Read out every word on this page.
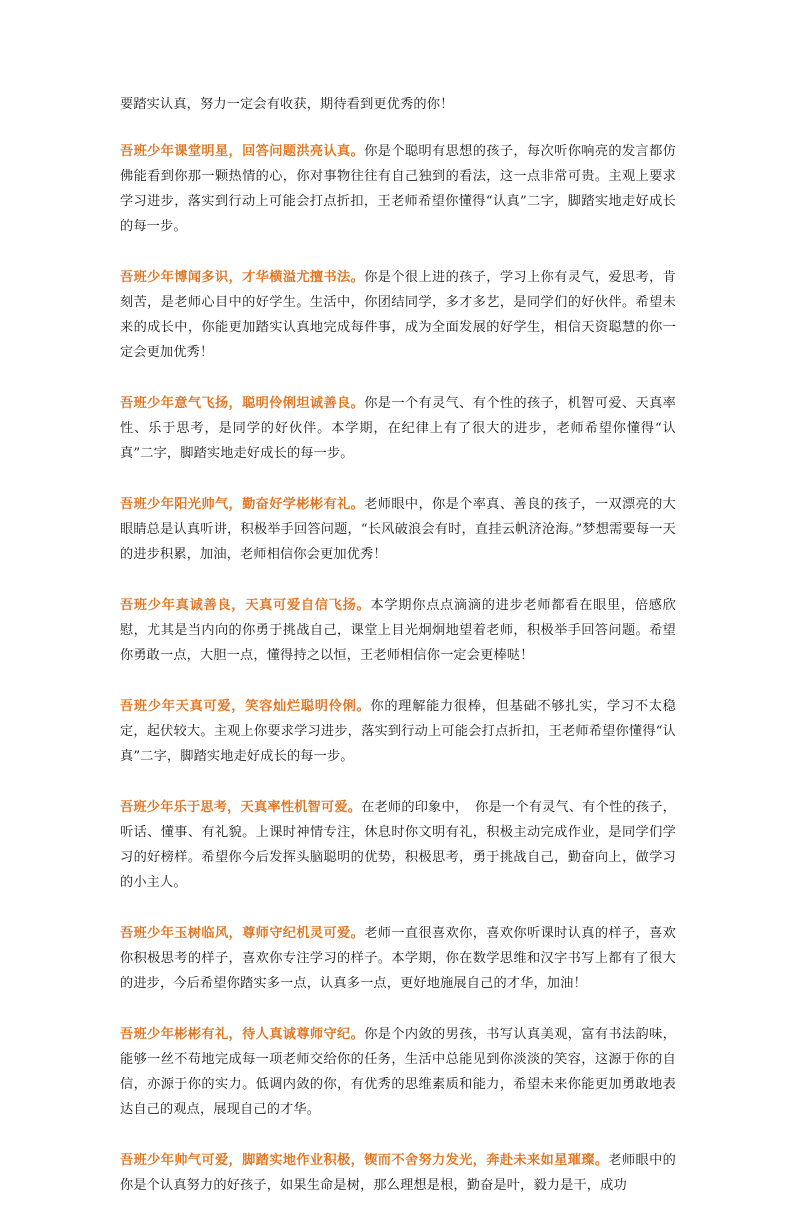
要踏实认真，努力一定会有收获，期待看到更优秀的你！

吾班少年课堂明星，回答问题洪亮认真。你是个聪明有思想的孩子，每次听你响亮的发言都仿佛能看到你那一颗热情的心，你对事物往往有自己独到的看法，这一点非常可贵。主观上要求学习进步，落实到行动上可能会打点折扣，王老师希望你懂得“认真”二字，脚踏实地走好成长的每一步。

吾班少年博闻多识，才华横溢尤擅书法。你是个很上进的孩子，学习上你有灵气，爱思考，肯刻苦，是老师心目中的好学生。生活中，你团结同学，多才多艺，是同学们的好伙伴。希望未来的成长中，你能更加踏实认真地完成每件事，成为全面发展的好学生，相信天资聪慧的你一定会更加优秀！

吾班少年意气飞扬，聪明伶俐坦诚善良。你是一个有灵气、有个性的孩子，机智可爱、天真率性、乐于思考，是同学的好伙伴。本学期，在纪律上有了很大的进步，老师希望你懂得“认真”二字，脚踏实地走好成长的每一步。

吾班少年阳光帅气，勤奋好学彬彬有礼。老师眼中，你是个率真、善良的孩子，一双漂亮的大眼睛总是认真听讲，积极举手回答问题，“长风破浪会有时，直挂云帆济沧海。”梦想需要每一天的进步积累，加油，老师相信你会更加优秀！

吾班少年真诚善良，天真可爱自信飞扬。本学期你点点滴滴的进步老师都看在眼里，倍感欣慰，尤其是当内向的你勇于挑战自己，课堂上目光炯炯地望着老师，积极举手回答问题。希望你勇敢一点，大胆一点，懂得持之以恒，王老师相信你一定会更棒哒！

吾班少年天真可爱，笑容灿烂聪明伶俐。你的理解能力很棒，但基础不够扎实，学习不太稳定，起伏较大。主观上你要求学习进步，落实到行动上可能会打点折扣，王老师希望你懂得“认真”二字，脚踏实地走好成长的每一步。

吾班少年乐于思考，天真率性机智可爱。在老师的印象中，　你是一个有灵气、有个性的孩子，听话、懂事、有礼貌。上课时神情专注，休息时你文明有礼，积极主动完成作业，是同学们学习的好榜样。希望你今后发挥头脑聪明的优势，积极思考，勇于挑战自己，勤奋向上，做学习的小主人。

吾班少年玉树临风，尊师守纪机灵可爱。老师一直很喜欢你，喜欢你听课时认真的样子，喜欢你积极思考的样子，喜欢你专注学习的样子。本学期，你在数学思维和汉字书写上都有了很大的进步，今后希望你踏实多一点，认真多一点，更好地施展自己的才华，加油！

吾班少年彬彬有礼，待人真诚尊师守纪。你是个内敛的男孩，书写认真美观，富有书法韵味，能够一丝不苟地完成每一项老师交给你的任务，生活中总能见到你淡淡的笑容，这源于你的自信，亦源于你的实力。低调内敛的你，有优秀的思维素质和能力，希望未来你能更加勇敢地表达自己的观点，展现自己的才华。

吾班少年帅气可爱，脚踏实地作业积极，锲而不舍努力发光，奔赴未来如星璀璨。老师眼中的你是个认真努力的好孩子，如果生命是树，那么理想是根，勤奋是叶，毅力是干，成功
